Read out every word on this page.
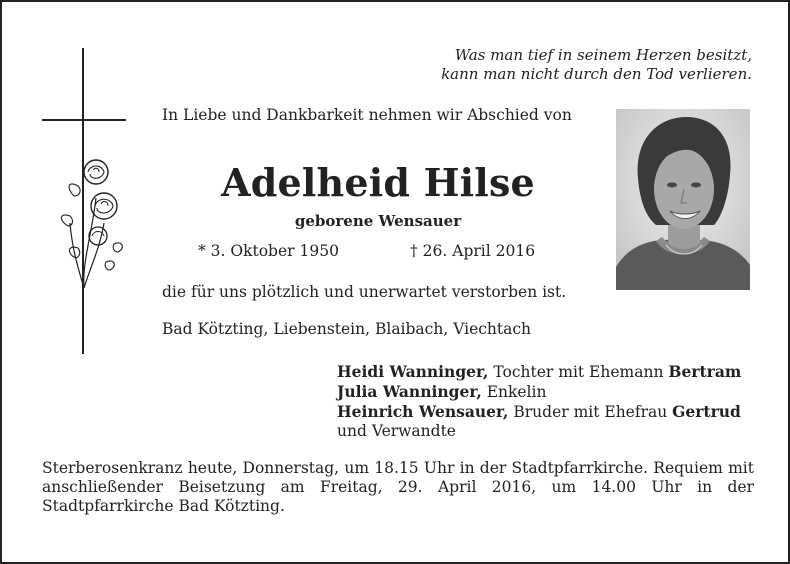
Was man tief in seinem Herzen besitzt,
kann man nicht durch den Tod verlieren.
In Liebe und Dankbarkeit nehmen wir Abschied von
Adelheid Hilse
geborene Wensauer
* 3. Oktober 1950	† 26. April 2016
die für uns plötzlich und unerwartet verstorben ist.
Bad Kötzting, Liebenstein, Blaibach, Viechtach
Heidi Wanninger, Tochter mit Ehemann Bertram
Julia Wanninger, Enkelin
Heinrich Wensauer, Bruder mit Ehefrau Gertrud
und Verwandte
Sterberosenkranz heute, Donnerstag, um 18.15 Uhr in der Stadtpfarrkirche. Requiem mit anschließender Beisetzung am Freitag, 29. April 2016, um 14.00 Uhr in der Stadtpfarrkirche Bad Kötzting.
